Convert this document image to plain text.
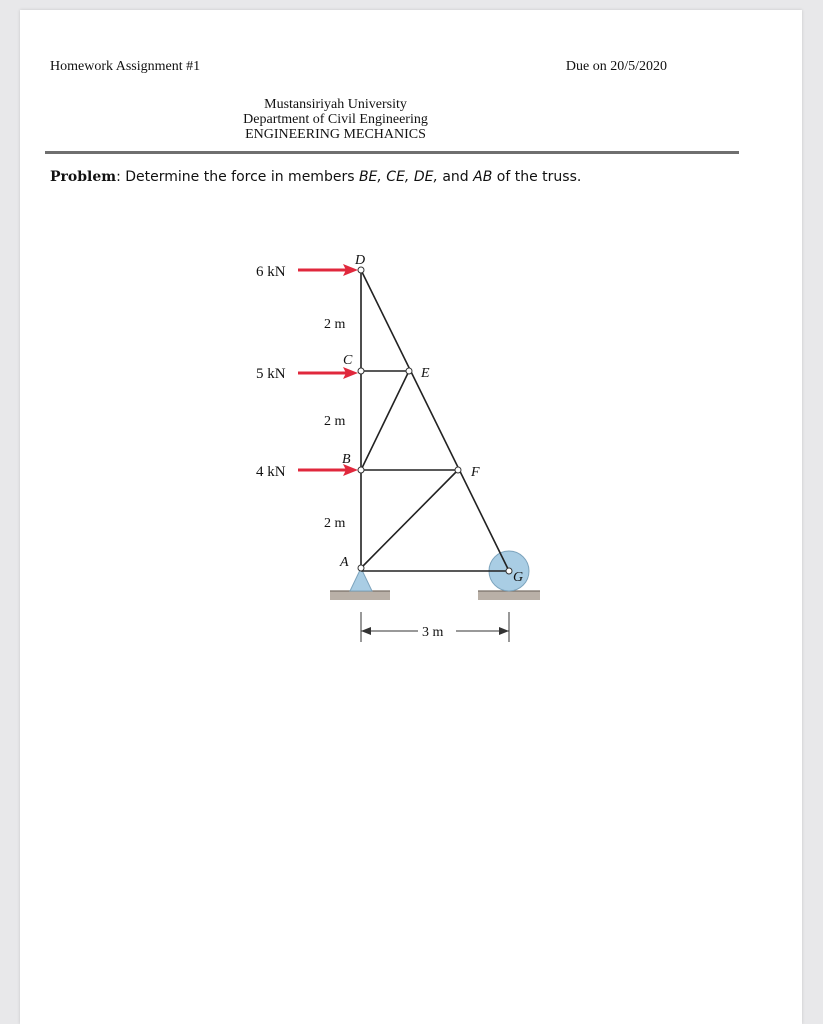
Homework Assignment #1	Due on 20/5/2020
Mustansiriyah University
Department of Civil Engineering
ENGINEERING MECHANICS
Problem: Determine the force in members BE, CE, DE, and AB of the truss.
6 kN
5 kN
4 kN
D
C
E
B
F
A
G
2 m
2 m
2 m
3 m
